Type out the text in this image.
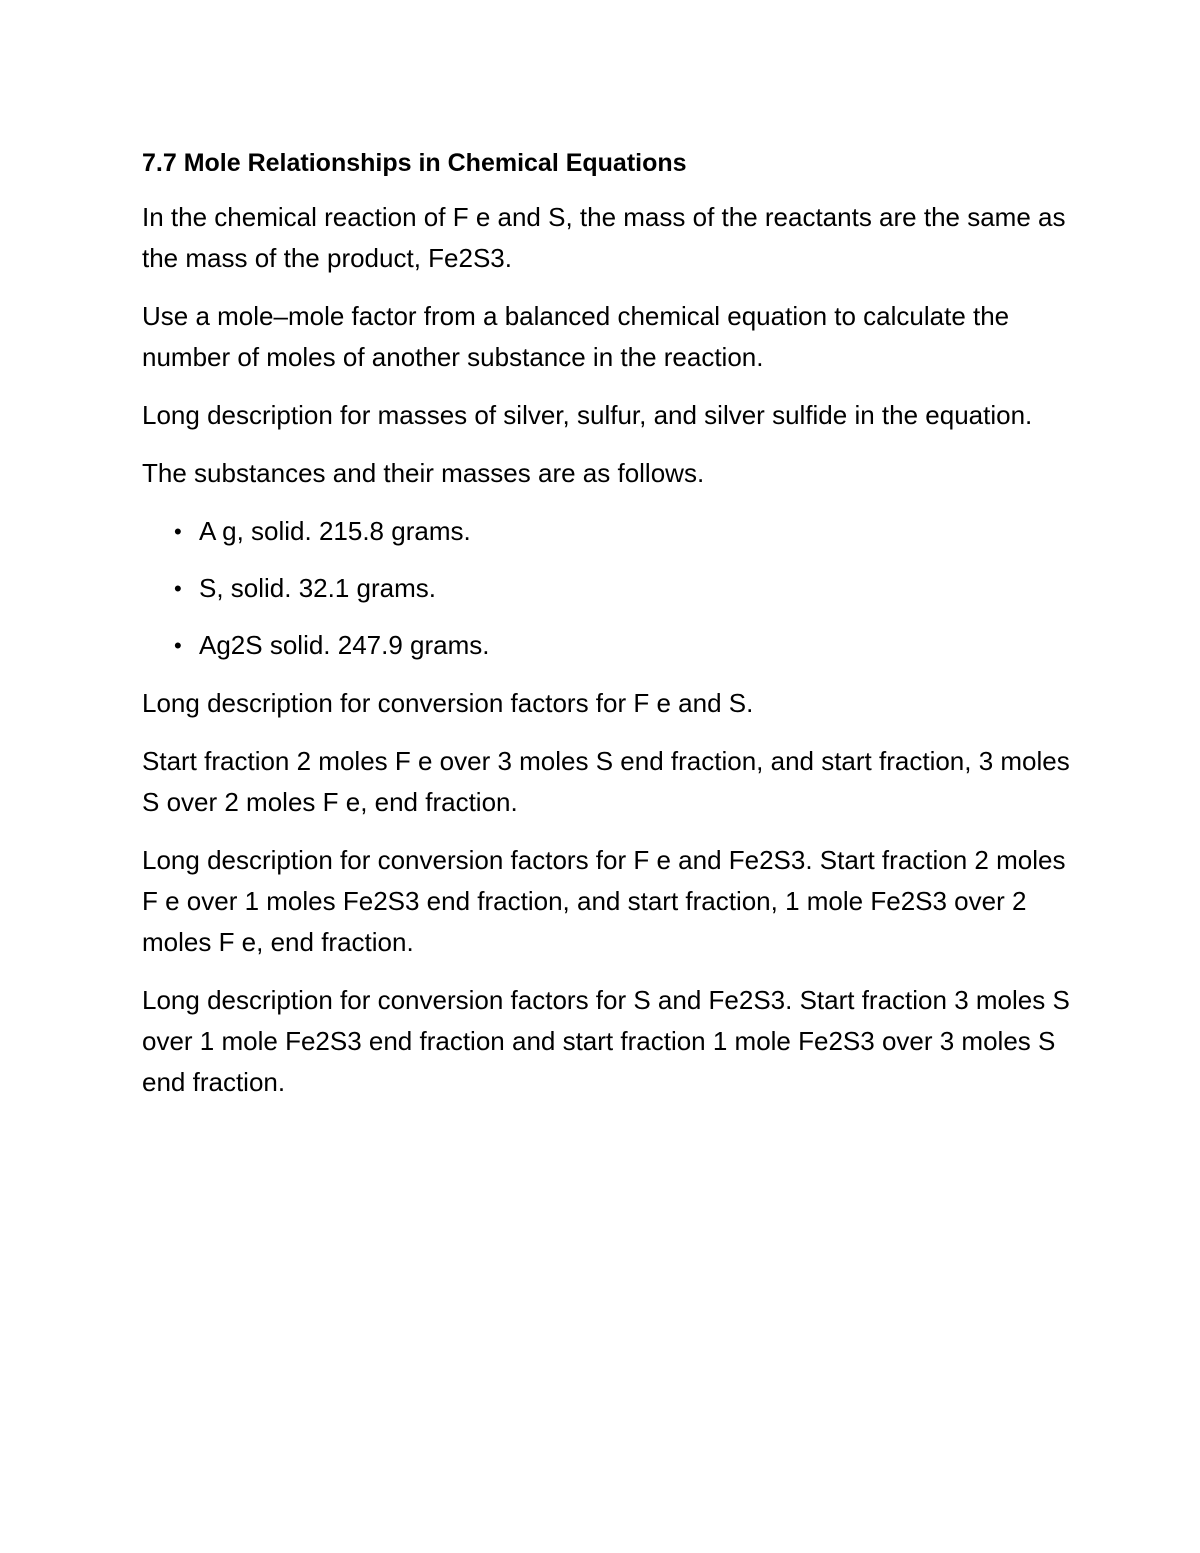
7.7 Mole Relationships in Chemical Equations

In the chemical reaction of F e and S, the mass of the reactants are the same as the mass of the product, Fe2S3.

Use a mole–mole factor from a balanced chemical equation to calculate the number of moles of another substance in the reaction.

Long description for masses of silver, sulfur, and silver sulfide in the equation.

The substances and their masses are as follows.

• A g, solid. 215.8 grams.
• S, solid. 32.1 grams.
• Ag2S solid. 247.9 grams.

Long description for conversion factors for F e and S.

Start fraction 2 moles F e over 3 moles S end fraction, and start fraction, 3 moles S over 2 moles F e, end fraction.

Long description for conversion factors for F e and Fe2S3. Start fraction 2 moles F e over 1 moles Fe2S3 end fraction, and start fraction, 1 mole Fe2S3 over 2 moles F e, end fraction.

Long description for conversion factors for S and Fe2S3. Start fraction 3 moles S over 1 mole Fe2S3 end fraction and start fraction 1 mole Fe2S3 over 3 moles S end fraction.
